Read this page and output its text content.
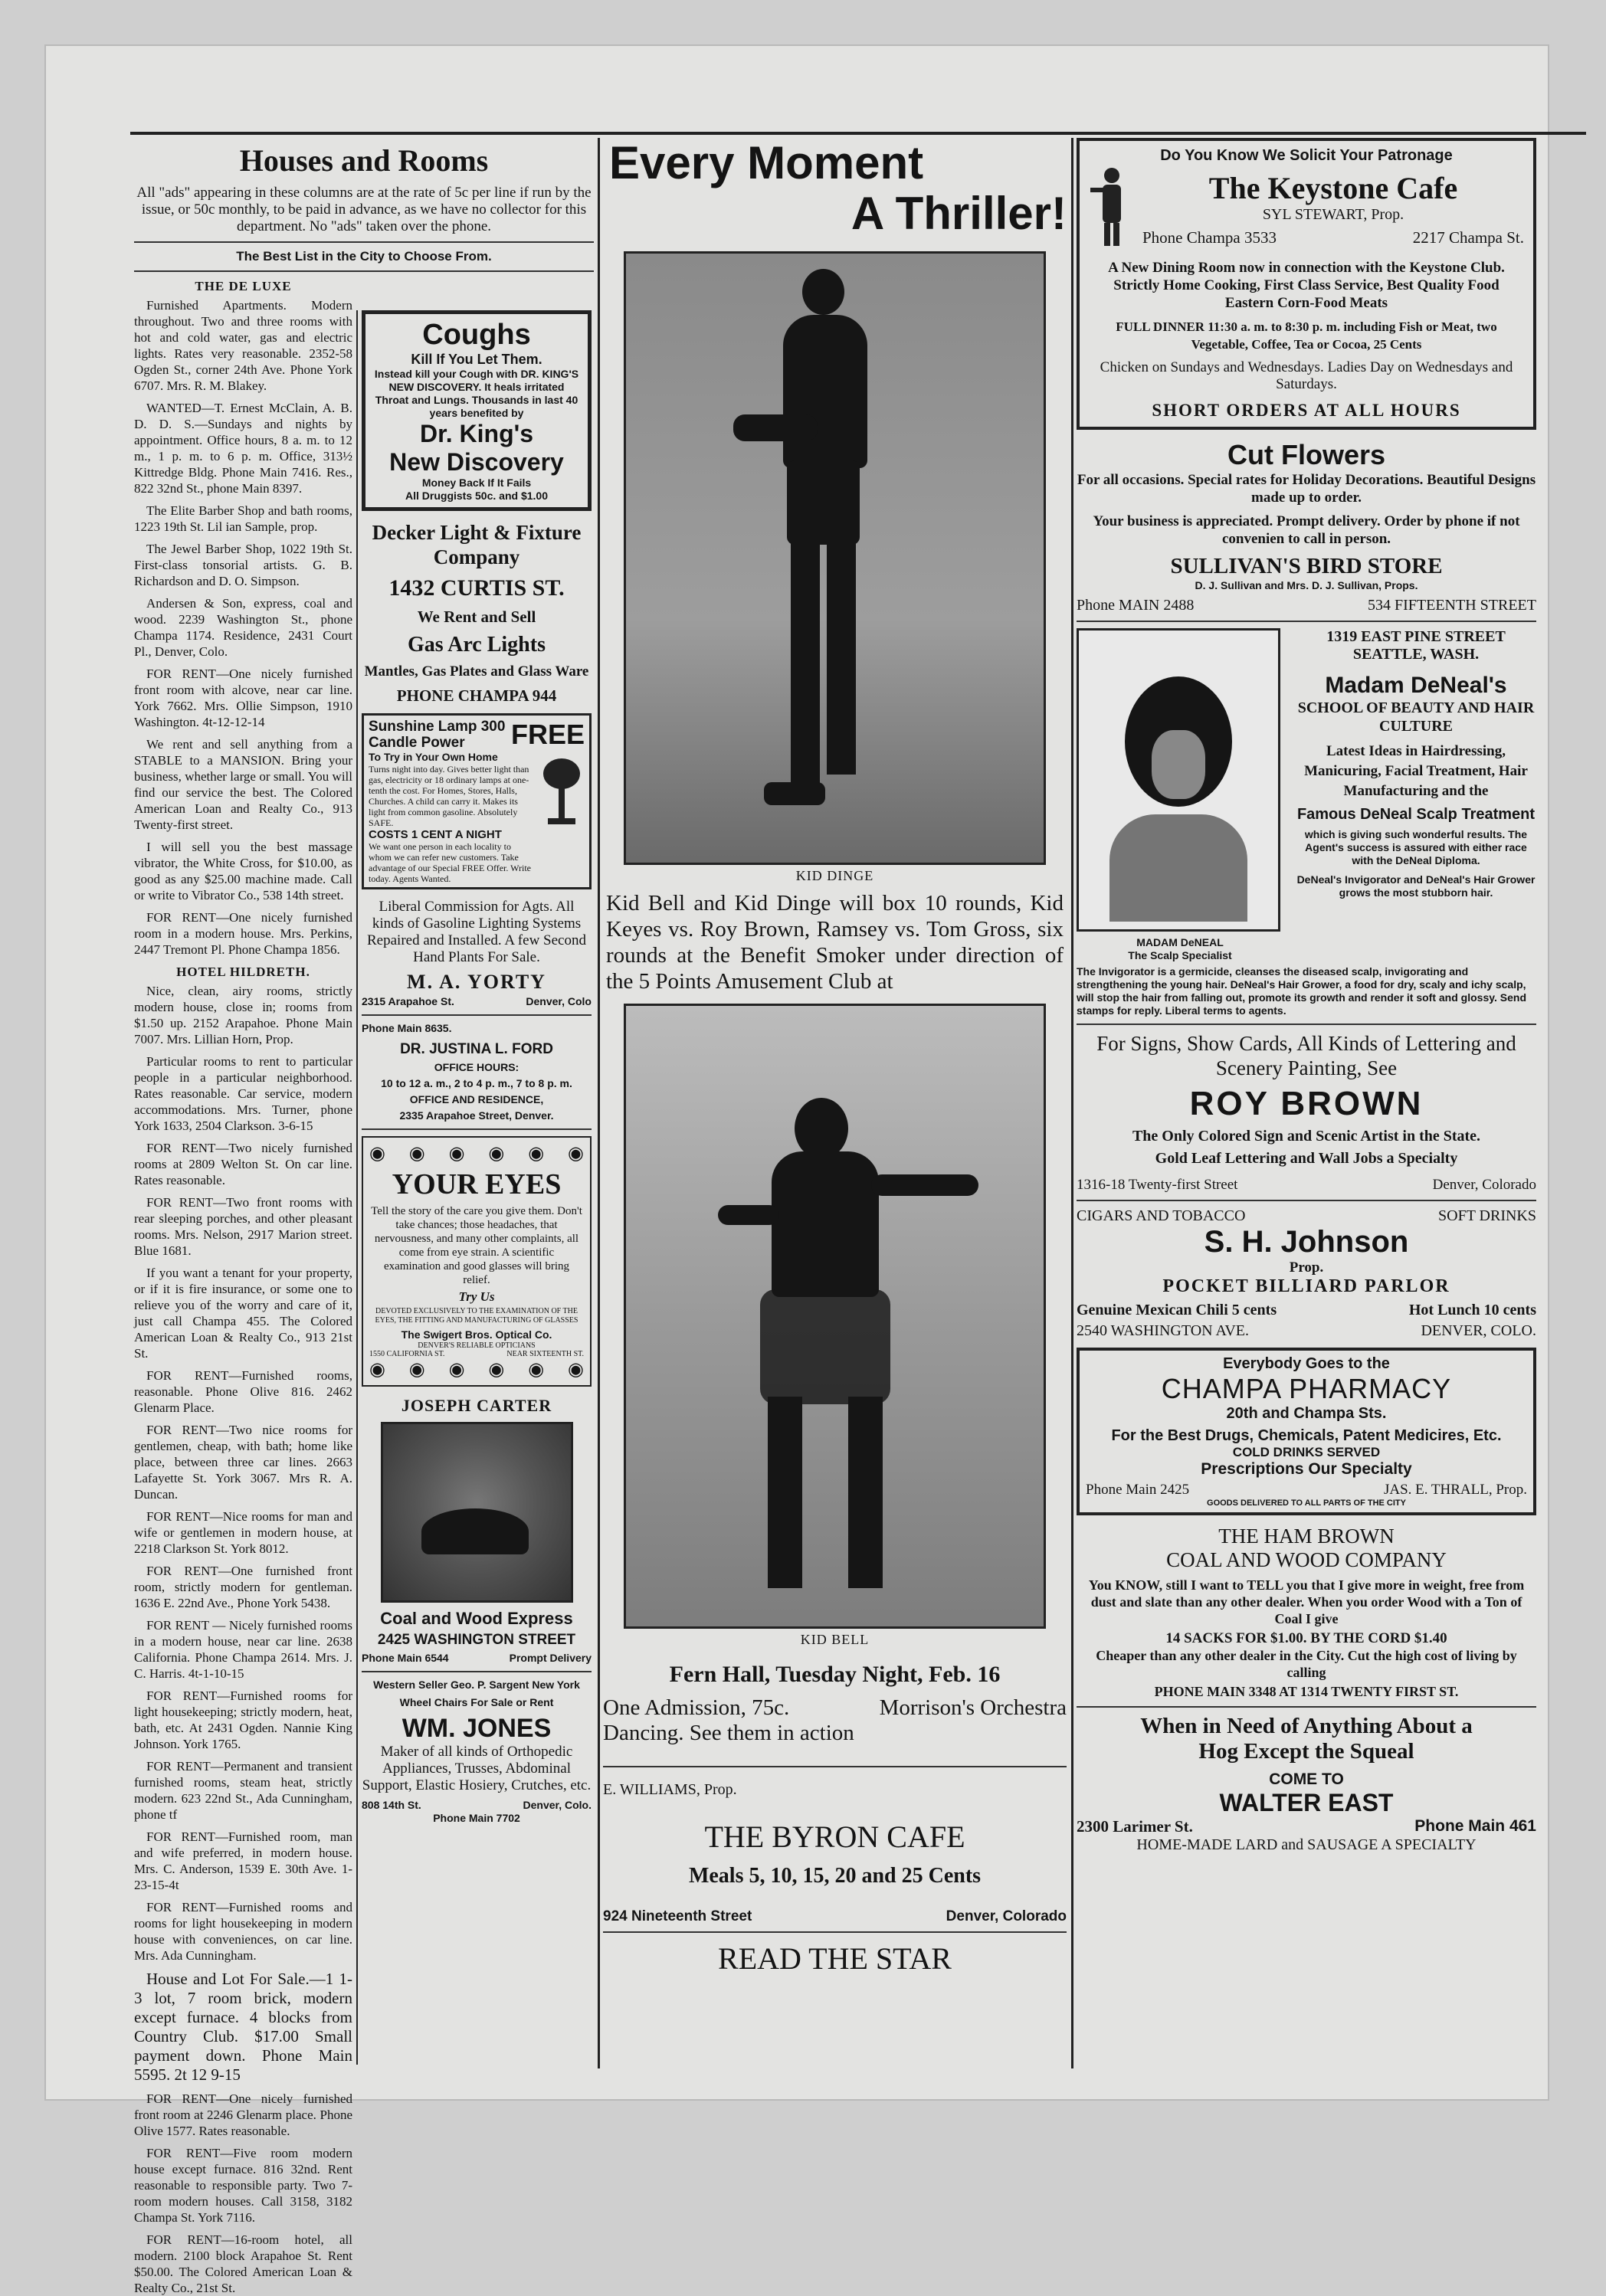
Houses and Rooms
All "ads" appearing in these columns are at the rate of 5c per line if run by the issue, or 50c monthly, to be paid in advance, as we have no collector for this department. No "ads" taken over the phone.
The Best List in the City to Choose From.
THE DE LUXE
Furnished Apartments. Modern throughout. Two and three rooms with hot and cold water, gas and electric lights. Rates very reasonable. 2352-58 Ogden St., corner 24th Ave. Phone York 6707. Mrs. R. M. Blakey.
WANTED—T. Ernest McClain, A. B. D. D. S.—Sundays and nights by appointment. Office hours, 8 a. m. to 12 m., 1 p. m. to 6 p. m. Office, 313½ Kittredge Bldg. Phone Main 7416. Res., 822 32nd St., phone Main 8397.
The Elite Barber Shop and bath rooms, 1223 19th St. Lil ian Sample, prop.
The Jewel Barber Shop, 1022 19th St. First-class tonsorial artists. G. B. Richardson and D. O. Simpson.
Andersen & Son, express, coal and wood. 2239 Washington St., phone Champa 1174. Residence, 2431 Court Pl., Denver, Colo.
FOR RENT—One nicely furnished front room with alcove, near car line. York 7662. Mrs. Ollie Simpson, 1910 Washington. 4t-12-12-14
We rent and sell anything from a STABLE to a MANSION. Bring your business, whether large or small. You will find our service the best. The Colored American Loan and Realty Co., 913 Twenty-first street.
I will sell you the best massage vibrator, the White Cross, for $10.00, as good as any $25.00 machine made. Call or write to Vibrator Co., 538 14th street.
FOR RENT—One nicely furnished room in a modern house. Mrs. Perkins, 2447 Tremont Pl. Phone Champa 1856.
HOTEL HILDRETH.
Nice, clean, airy rooms, strictly modern house, close in; rooms from $1.50 up. 2152 Arapahoe. Phone Main 7007. Mrs. Lillian Horn, Prop.
Particular rooms to rent to particular people in a particular neighborhood. Rates reasonable. Car service, modern accommodations. Mrs. Turner, phone York 1633, 2504 Clarkson. 3-6-15
FOR RENT—Two nicely furnished rooms at 2809 Welton St. On car line. Rates reasonable.
FOR RENT—Two front rooms with rear sleeping porches, and other pleasant rooms. Mrs. Nelson, 2917 Marion street. Blue 1681.
If you want a tenant for your property, or if it is fire insurance, or some one to relieve you of the worry and care of it, just call Champa 455. The Colored American Loan & Realty Co., 913 21st St.
FOR RENT—Furnished rooms, reasonable. Phone Olive 816. 2462 Glenarm Place.
FOR RENT—Two nice rooms for gentlemen, cheap, with bath; home like place, between three car lines. 2663 Lafayette St. York 3067. Mrs R. A. Duncan.
FOR RENT—Nice rooms for man and wife or gentlemen in modern house, at 2218 Clarkson St. York 8012.
FOR RENT—One furnished front room, strictly modern for gentleman. 1636 E. 22nd Ave., Phone York 5438.
FOR RENT — Nicely furnished rooms in a modern house, near car line. 2638 California. Phone Champa 2614. Mrs. J. C. Harris. 4t-1-10-15
FOR RENT—Furnished rooms for light housekeeping; strictly modern, heat, bath, etc. At 2431 Ogden. Nannie King Johnson. York 1765.
FOR RENT—Permanent and transient furnished rooms, steam heat, strictly modern. 623 22nd St., Ada Cunningham, phone tf
FOR RENT—Furnished room, man and wife preferred, in modern house. Mrs. C. Anderson, 1539 E. 30th Ave. 1-23-15-4t
FOR RENT—Furnished rooms and rooms for light housekeeping in modern house with conveniences, on car line. Mrs. Ada Cunningham.
House and Lot For Sale.—1 1-3 lot, 7 room brick, modern except furnace. 4 blocks from Country Club. $17.00 Small payment down. Phone Main 5595. 2t 12 9-15
FOR RENT—One nicely furnished front room at 2246 Glenarm place. Phone Olive 1577. Rates reasonable.
FOR RENT—Five room modern house except furnace. 816 32nd. Rent reasonable to responsible party. Two 7-room modern houses. Call 3158, 3182 Champa St. York 7116.
FOR RENT—16-room hotel, all modern. 2100 block Arapahoe St. Rent $50.00. The Colored American Loan & Realty Co., 21st St.
Coughs
Kill If You Let Them.
Instead kill your Cough with DR. KING'S NEW DISCOVERY. It heals irritated Throat and Lungs. Thousands in last 40 years benefited by
Dr. King's
New Discovery
Money Back If It Fails
All Druggists 50c. and $1.00
Decker Light & Fixture Company
1432 CURTIS ST.
We Rent and Sell
Gas Arc Lights
Mantles, Gas Plates and Glass Ware
PHONE CHAMPA 944
Sunshine Lamp 300 Candle Power	FREE
To Try in Your Own Home
Turns night into day. Gives better light than gas, electricity or 18 ordinary lamps at one-tenth the cost. For Homes, Stores, Halls, Churches. A child can carry it. Makes its light from common gasoline. Absolutely SAFE.
COSTS 1 CENT A NIGHT
We want one person in each locality to whom we can refer new customers. Take advantage of our Special FREE Offer. Write today. Agents Wanted.
Liberal Commission for Agts. All kinds of Gasoline Lighting Systems Repaired and Installed. A few Second Hand Plants For Sale.
M. A. YORTY
2315 Arapahoe St.	Denver, Colo
Phone Main 8635.
DR. JUSTINA L. FORD
OFFICE HOURS:
10 to 12 a. m., 2 to 4 p. m., 7 to 8 p. m.
OFFICE AND RESIDENCE,
2335 Arapahoe Street, Denver.
◉ ◉ ◉ ◉ ◉ ◉
YOUR EYES
Tell the story of the care you give them. Don't take chances; those headaches, that nervousness, and many other complaints, all come from eye strain. A scientific examination and good glasses will bring relief.
Try Us
DEVOTED EXCLUSIVELY TO THE EXAMINATION OF THE EYES, THE FITTING AND MANUFACTURING OF GLASSES
The Swigert Bros. Optical Co.
DENVER'S RELIABLE OPTICIANS
1550 CALIFORNIA ST.	NEAR SIXTEENTH ST.
◉ ◉ ◉ ◉ ◉ ◉
JOSEPH CARTER
Coal and Wood Express
2425 WASHINGTON STREET
Phone Main 6544	Prompt Delivery
Western Seller Geo. P. Sargent New York
Wheel Chairs For Sale or Rent
WM. JONES
Maker of all kinds of Orthopedic Appliances, Trusses, Abdominal Support, Elastic Hosiery, Crutches, etc.
808 14th St.	Denver, Colo.
Phone Main 7702
Every Moment
A Thriller!
KID DINGE
Kid Bell and Kid Dinge will box 10 rounds, Kid Keyes vs. Roy Brown, Ramsey vs. Tom Gross, six rounds at the Benefit Smoker under direction of the 5 Points Amusement Club at
KID BELL
Fern Hall, Tuesday Night, Feb. 16
One Admission, 75c.	Morrison's Orchestra
Dancing. See them in action
E. WILLIAMS, Prop.
THE BYRON CAFE
Meals 5, 10, 15, 20 and 25 Cents
924 Nineteenth Street	Denver, Colorado
READ THE STAR
Do You Know We Solicit Your Patronage
The Keystone Cafe
SYL STEWART, Prop.
Phone Champa 3533	2217 Champa St.
A New Dining Room now in connection with the Keystone Club. Strictly Home Cooking, First Class Service, Best Quality Food Eastern Corn-Food Meats
FULL DINNER 11:30 a. m. to 8:30 p. m. including Fish or Meat, two Vegetable, Coffee, Tea or Cocoa, 25 Cents
Chicken on Sundays and Wednesdays. Ladies Day on Wednesdays and Saturdays.
SHORT ORDERS AT ALL HOURS
Cut Flowers
For all occasions. Special rates for Holiday Decorations. Beautiful Designs made up to order.
Your business is appreciated. Prompt delivery. Order by phone if not convenien to call in person.
SULLIVAN'S BIRD STORE
D. J. Sullivan and Mrs. D. J. Sullivan, Props.
Phone MAIN 2488	534 FIFTEENTH STREET
MADAM DeNEAL
The Scalp Specialist
1319 EAST PINE STREET
SEATTLE, WASH.
Madam DeNeal's
SCHOOL OF BEAUTY AND HAIR CULTURE
Latest Ideas in Hairdressing, Manicuring, Facial Treatment, Hair Manufacturing and the
Famous DeNeal Scalp Treatment
which is giving such wonderful results. The Agent's success is assured with either race with the DeNeal Diploma.
DeNeal's Invigorator and DeNeal's Hair Grower grows the most stubborn hair.
The Invigorator is a germicide, cleanses the diseased scalp, invigorating and strengthening the young hair. DeNeal's Hair Grower, a food for dry, scaly and ichy scalp, will stop the hair from falling out, promote its growth and render it soft and glossy. Send stamps for reply. Liberal terms to agents.
For Signs, Show Cards, All Kinds of Lettering and Scenery Painting, See
ROY BROWN
The Only Colored Sign and Scenic Artist in the State.
Gold Leaf Lettering and Wall Jobs a Specialty
1316-18 Twenty-first Street	Denver, Colorado
CIGARS AND TOBACCO	SOFT DRINKS
S. H. Johnson
Prop.
POCKET BILLIARD PARLOR
Genuine Mexican Chili 5 cents	Hot Lunch 10 cents
2540 WASHINGTON AVE.	DENVER, COLO.
Everybody Goes to the
CHAMPA PHARMACY
20th and Champa Sts.
For the Best Drugs, Chemicals, Patent Medicires, Etc.
COLD DRINKS SERVED
Prescriptions Our Specialty
Phone Main 2425	JAS. E. THRALL, Prop.
GOODS DELIVERED TO ALL PARTS OF THE CITY
THE HAM BROWN
COAL AND WOOD COMPANY
You KNOW, still I want to TELL you that I give more in weight, free from dust and slate than any other dealer. When you order Wood with a Ton of Coal I give
14 SACKS FOR $1.00. BY THE CORD $1.40
Cheaper than any other dealer in the City. Cut the high cost of living by calling
PHONE MAIN 3348 AT 1314 TWENTY FIRST ST.
When in Need of Anything About a
Hog Except the Squeal
COME TO
WALTER EAST
2300 Larimer St.	Phone Main 461
HOME-MADE LARD and SAUSAGE A SPECIALTY
